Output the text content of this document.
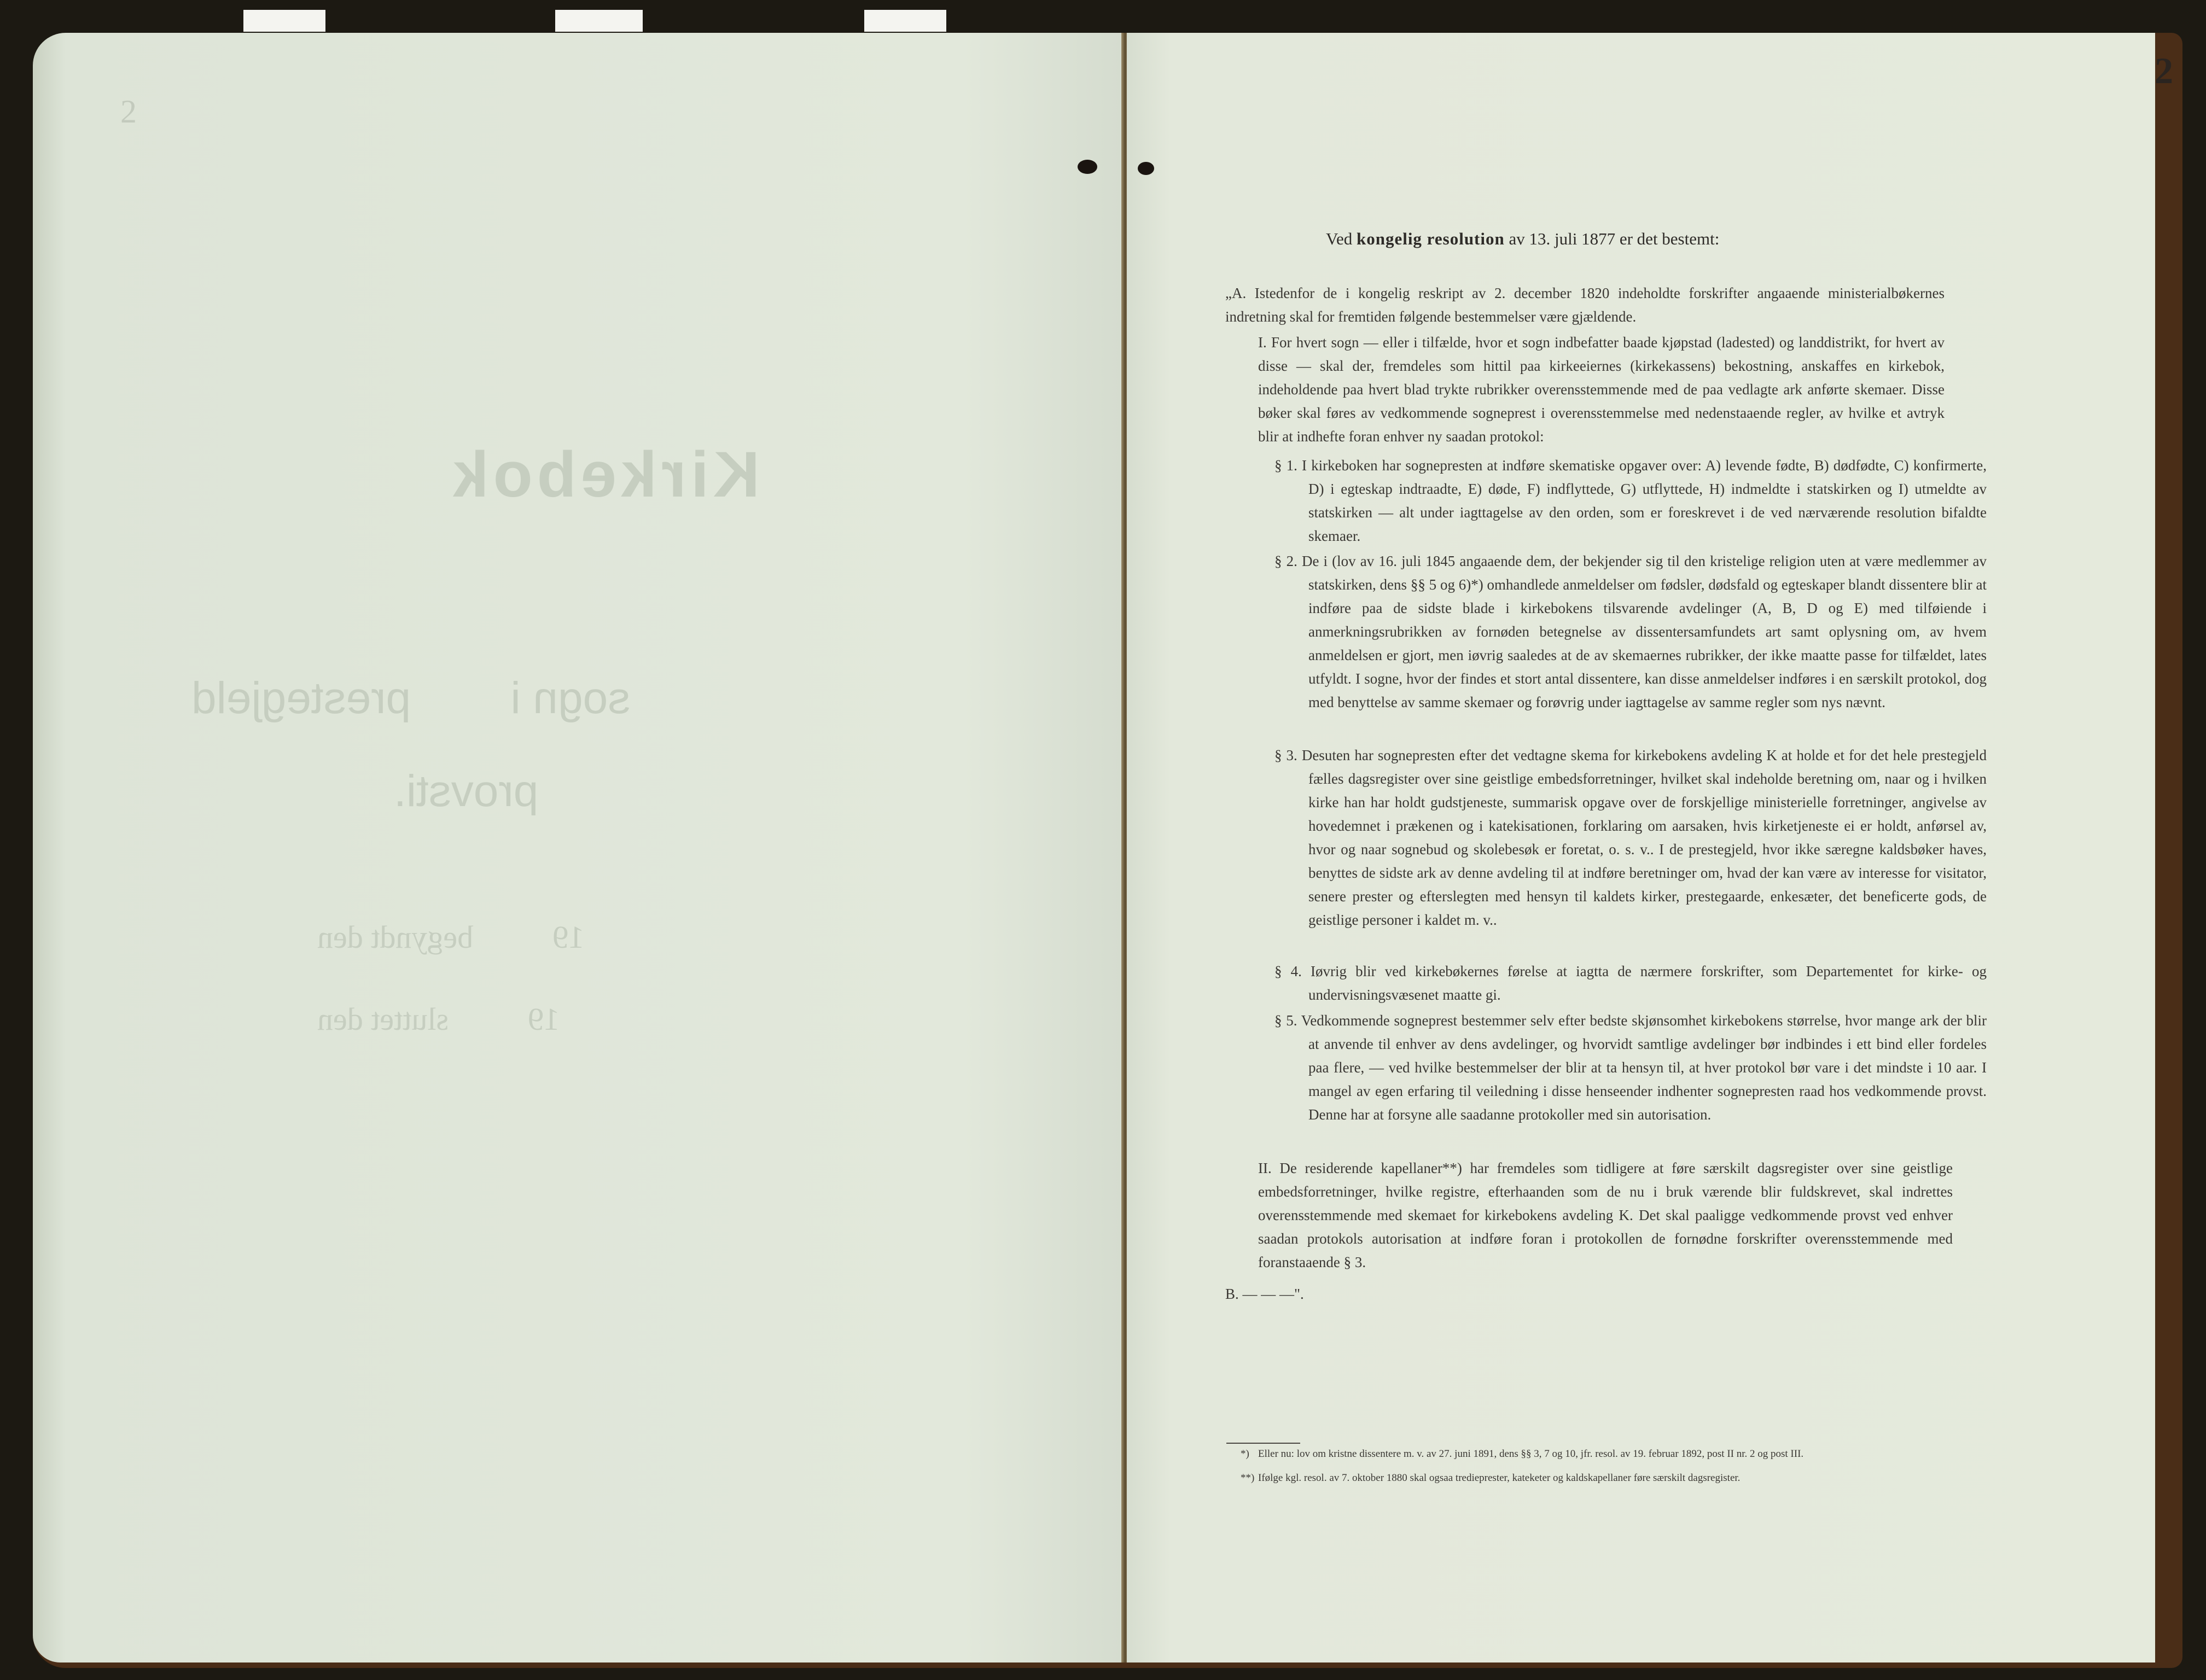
2
Kirkebok
sogn i        prestegjeld
provsti.
19          begyndt den
19          sluttet den
2
Ved kongelig resolution av 13. juli 1877 er det bestemt:
„A. Istedenfor de i kongelig reskript av 2. december 1820 indeholdte forskrifter angaaende ministerialbøkernes indretning skal for fremtiden følgende bestemmelser være gjældende.
I. For hvert sogn — eller i tilfælde, hvor et sogn indbefatter baade kjøpstad (ladested) og landdistrikt, for hvert av disse — skal der, fremdeles som hittil paa kirkeeiernes (kirkekassens) bekostning, anskaffes en kirkebok, indeholdende paa hvert blad trykte rubrikker overensstemmende med de paa vedlagte ark anførte skemaer. Disse bøker skal føres av vedkommende sogneprest i overensstemmelse med nedenstaaende regler, av hvilke et avtryk blir at indhefte foran enhver ny saadan protokol:
§ 1. I kirkeboken har sognepresten at indføre skematiske opgaver over: A) levende fødte, B) dødfødte, C) konfirmerte, D) i egteskap indtraadte, E) døde, F) indflyttede, G) utflyttede, H) indmeldte i statskirken og I) utmeldte av statskirken — alt under iagttagelse av den orden, som er foreskrevet i de ved nærværende resolution bifaldte skemaer.
§ 2. De i (lov av 16. juli 1845 angaaende dem, der bekjender sig til den kristelige religion uten at være medlemmer av statskirken, dens §§ 5 og 6)*) omhandlede anmeldelser om fødsler, dødsfald og egteskaper blandt dissentere blir at indføre paa de sidste blade i kirkebokens tilsvarende avdelinger (A, B, D og E) med tilføiende i anmerkningsrubrikken av fornøden betegnelse av dissentersamfundets art samt oplysning om, av hvem anmeldelsen er gjort, men iøvrig saaledes at de av skemaernes rubrikker, der ikke maatte passe for tilfældet, lates utfyldt. I sogne, hvor der findes et stort antal dissentere, kan disse anmeldelser indføres i en særskilt protokol, dog med benyttelse av samme skemaer og forøvrig under iagttagelse av samme regler som nys nævnt.
§ 3. Desuten har sognepresten efter det vedtagne skema for kirkebokens avdeling K at holde et for det hele prestegjeld fælles dagsregister over sine geistlige embedsforretninger, hvilket skal indeholde beretning om, naar og i hvilken kirke han har holdt gudstjeneste, summarisk opgave over de forskjellige ministerielle forretninger, angivelse av hovedemnet i prækenen og i katekisationen, forklaring om aarsaken, hvis kirketjeneste ei er holdt, anførsel av, hvor og naar sognebud og skolebesøk er foretat, o. s. v.. I de prestegjeld, hvor ikke særegne kaldsbøker haves, benyttes de sidste ark av denne avdeling til at indføre beretninger om, hvad der kan være av interesse for visitator, senere prester og efterslegten med hensyn til kaldets kirker, prestegaarde, enkesæter, det beneficerte gods, de geistlige personer i kaldet m. v..
§ 4. Iøvrig blir ved kirkebøkernes førelse at iagtta de nærmere forskrifter, som Departementet for kirke- og undervisningsvæsenet maatte gi.
§ 5. Vedkommende sogneprest bestemmer selv efter bedste skjønsomhet kirkebokens størrelse, hvor mange ark der blir at anvende til enhver av dens avdelinger, og hvorvidt samtlige avdelinger bør indbindes i ett bind eller fordeles paa flere, — ved hvilke bestemmelser der blir at ta hensyn til, at hver protokol bør vare i det mindste i 10 aar. I mangel av egen erfaring til veiledning i disse henseender indhenter sognepresten raad hos vedkommende provst. Denne har at forsyne alle saadanne protokoller med sin autorisation.
II. De residerende kapellaner**) har fremdeles som tidligere at føre særskilt dagsregister over sine geistlige embedsforretninger, hvilke registre, efterhaanden som de nu i bruk værende blir fuldskrevet, skal indrettes overensstemmende med skemaet for kirkebokens avdeling K. Det skal paaligge vedkommende provst ved enhver saadan protokols autorisation at indføre foran i protokollen de fornødne forskrifter overensstemmende med foranstaaende § 3.
B. — — —".
*) Eller nu: lov om kristne dissentere m. v. av 27. juni 1891, dens §§ 3, 7 og 10, jfr. resol. av 19. februar 1892, post II nr. 2 og post III.
**) Ifølge kgl. resol. av 7. oktober 1880 skal ogsaa tredieprester, kateketer og kaldskapellaner føre særskilt dagsregister.
